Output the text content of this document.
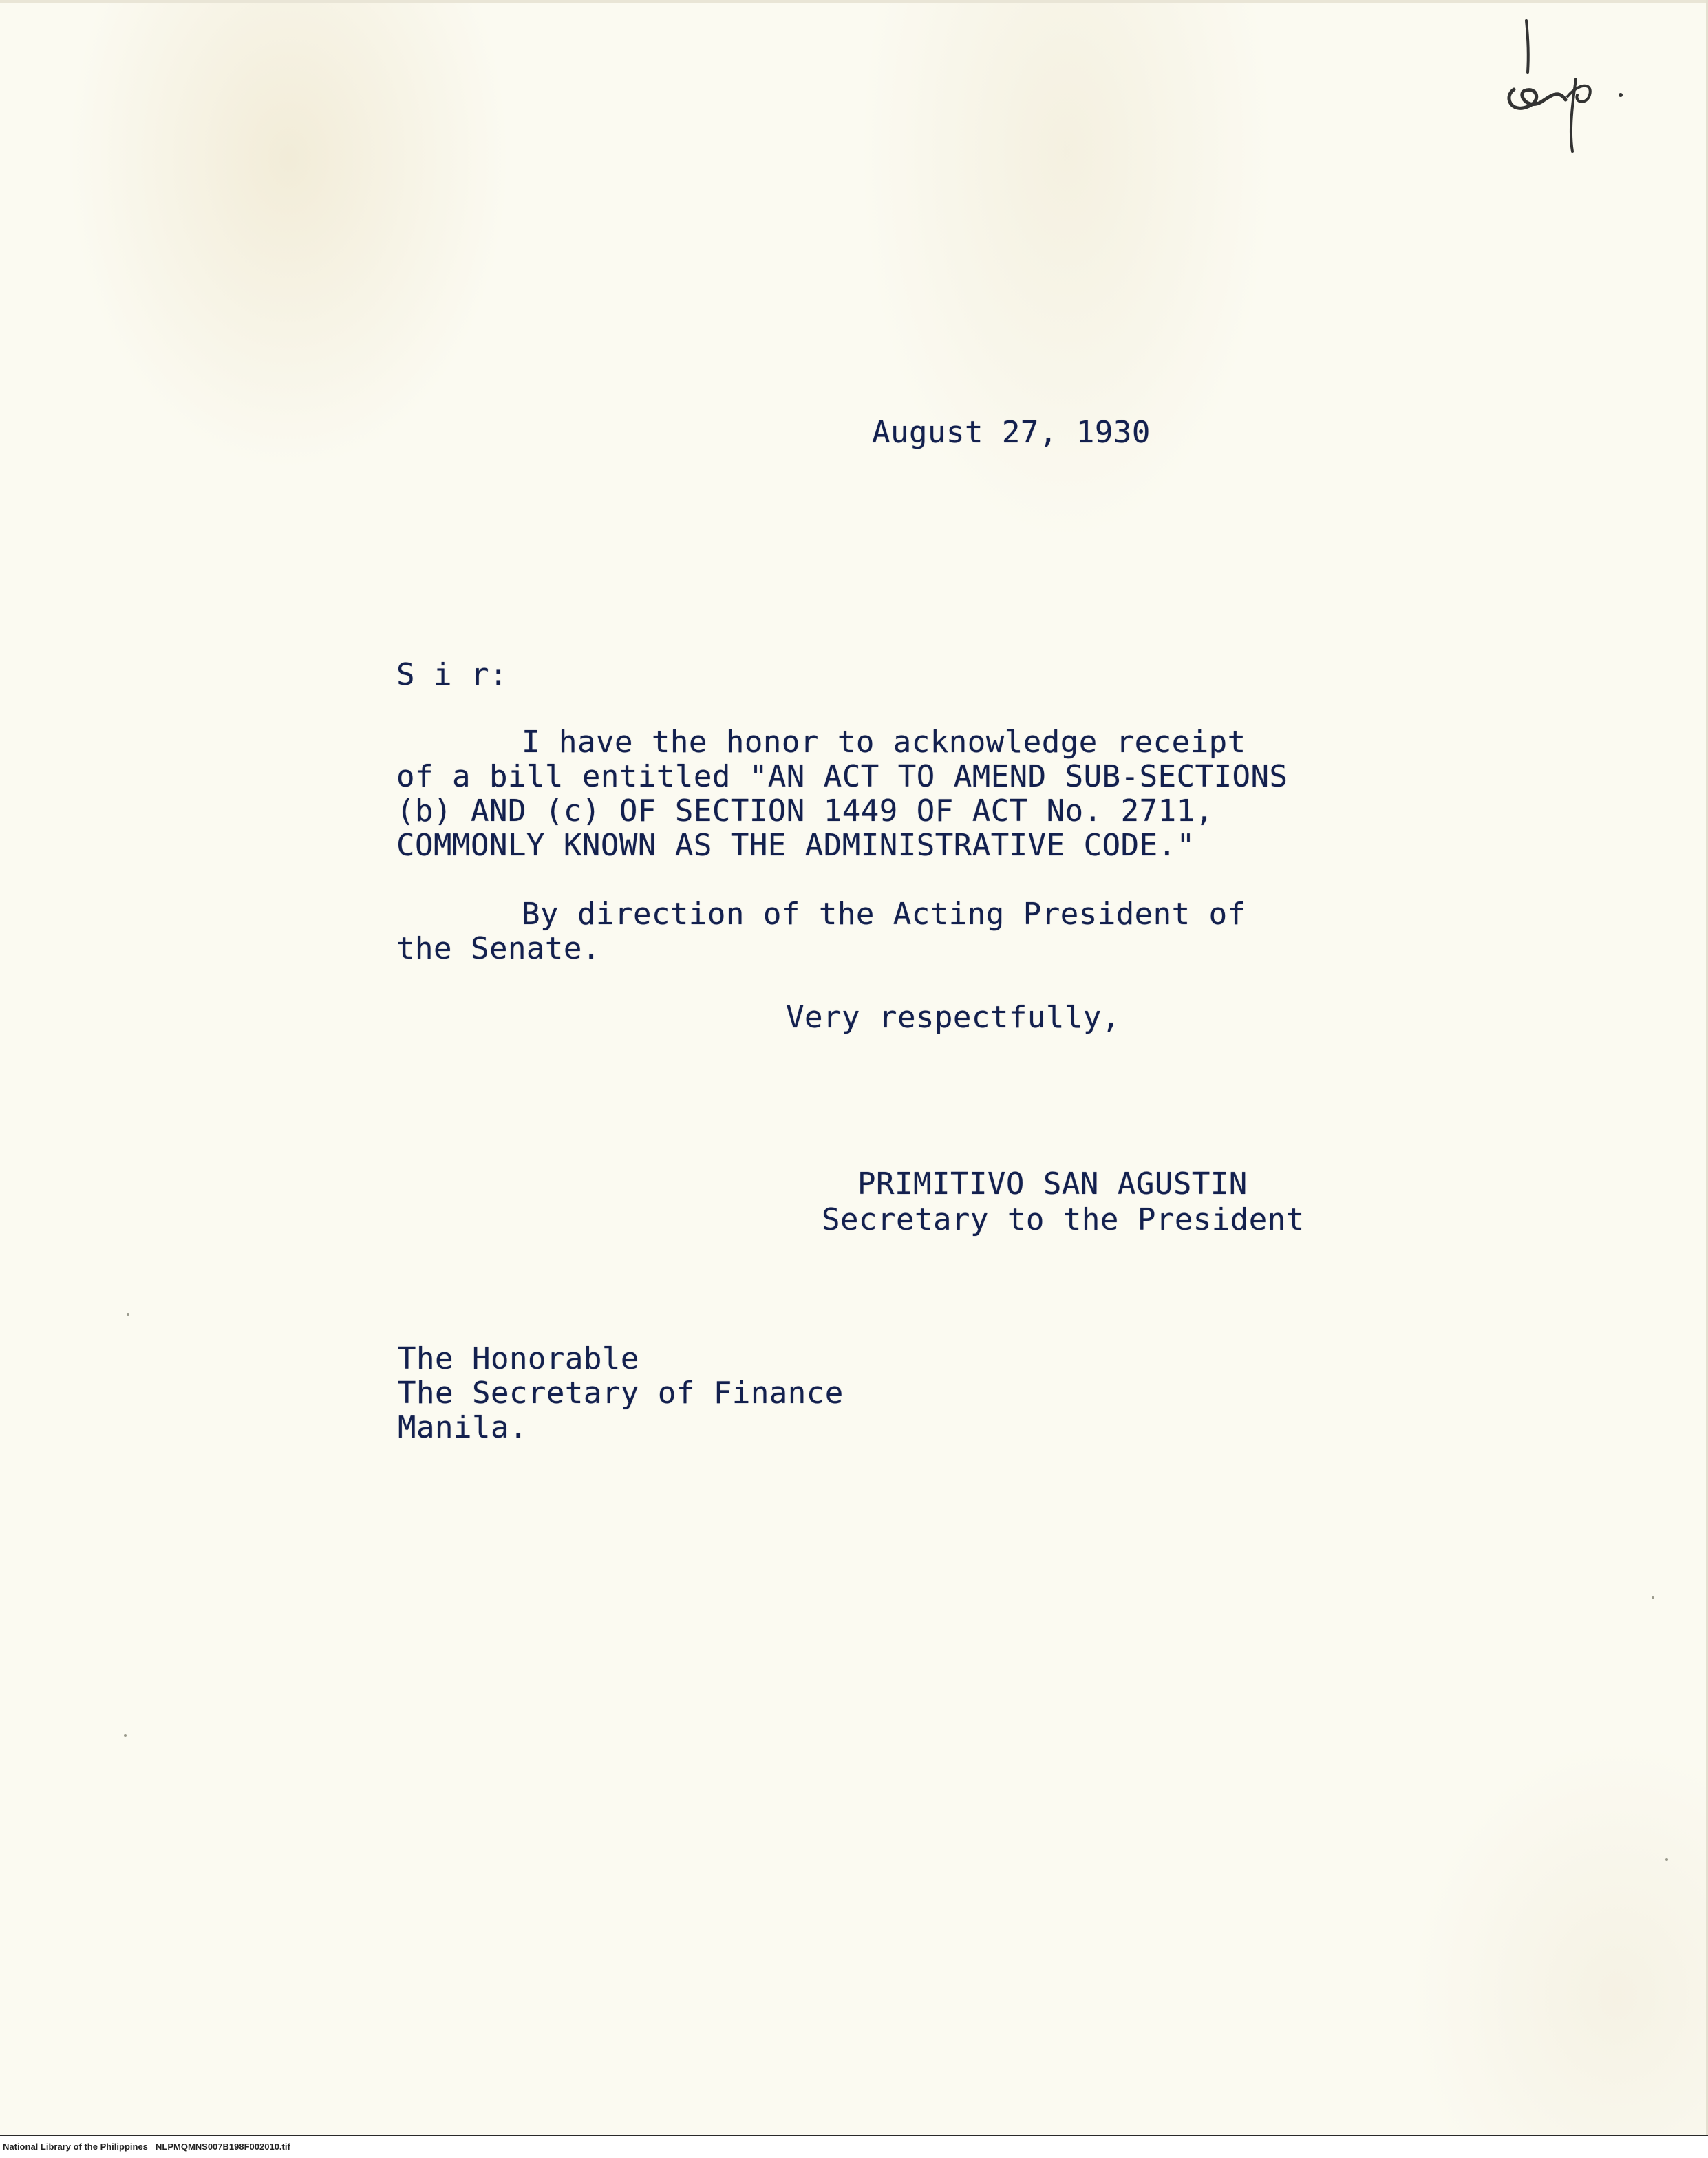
August 27, 1930
S i r:
I have the honor to acknowledge receipt
of a bill entitled "AN ACT TO AMEND SUB-SECTIONS
(b) AND (c) OF SECTION 1449 OF ACT No. 2711,
COMMONLY KNOWN AS THE ADMINISTRATIVE CODE."
By direction of the Acting President of
the Senate.
Very respectfully,
PRIMITIVO SAN AGUSTIN
Secretary to the President
The Honorable
The Secretary of Finance
Manila.
National Library of the Philippines NLPMQMNS007B198F002010.tif
